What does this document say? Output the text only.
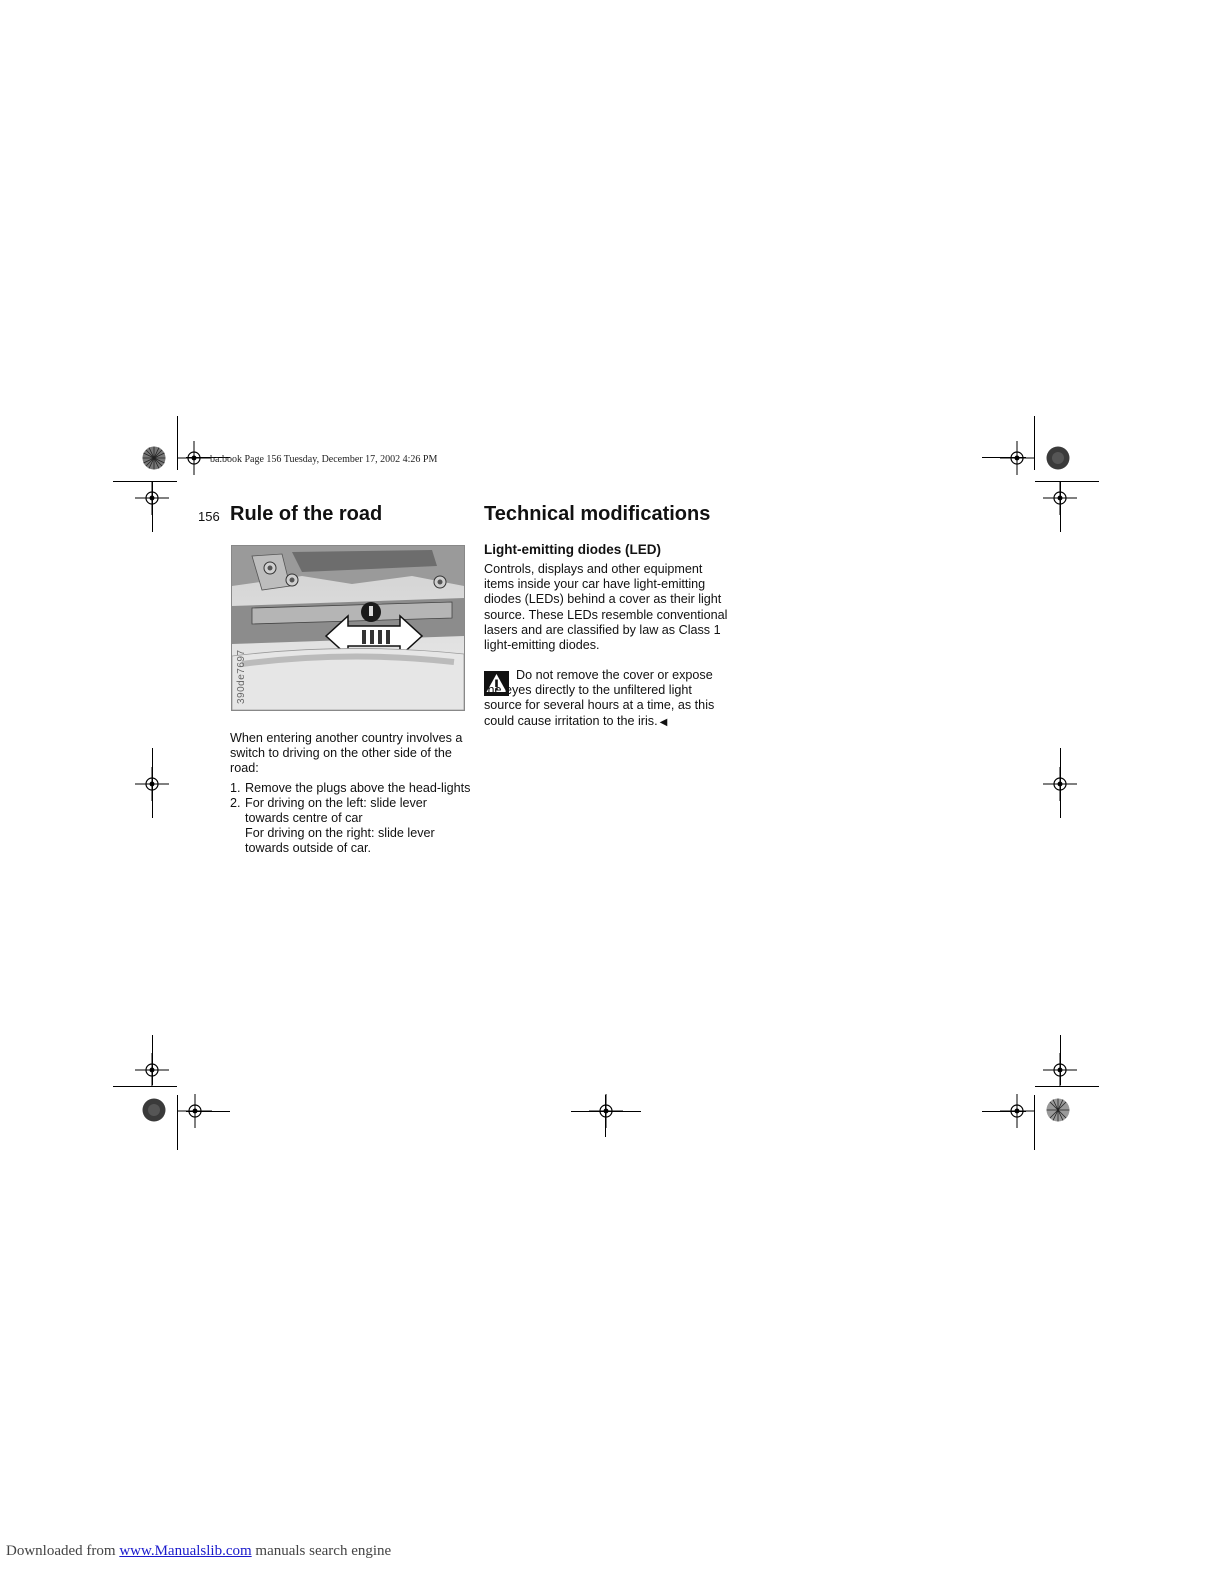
ba.book Page 156 Tuesday, December 17, 2002 4:26 PM
156 Rule of the road	Technical modifications
390de7697

When entering another country involves a switch to driving on the other side of the road:

1. Remove the plugs above the head-lights
2. For driving on the left: slide lever towards centre of car
For driving on the right: slide lever towards outside of car.
Light-emitting diodes (LED)
Controls, displays and other equipment items inside your car have light-emitting diodes (LEDs) behind a cover as their light source. These LEDs resemble conventional lasers and are classified by law as Class 1 light-emitting diodes.
Do not remove the cover or expose the eyes directly to the unfiltered light source for several hours at a time, as this could cause irritation to the iris. ◀
Downloaded from www.Manualslib.com manuals search engine
